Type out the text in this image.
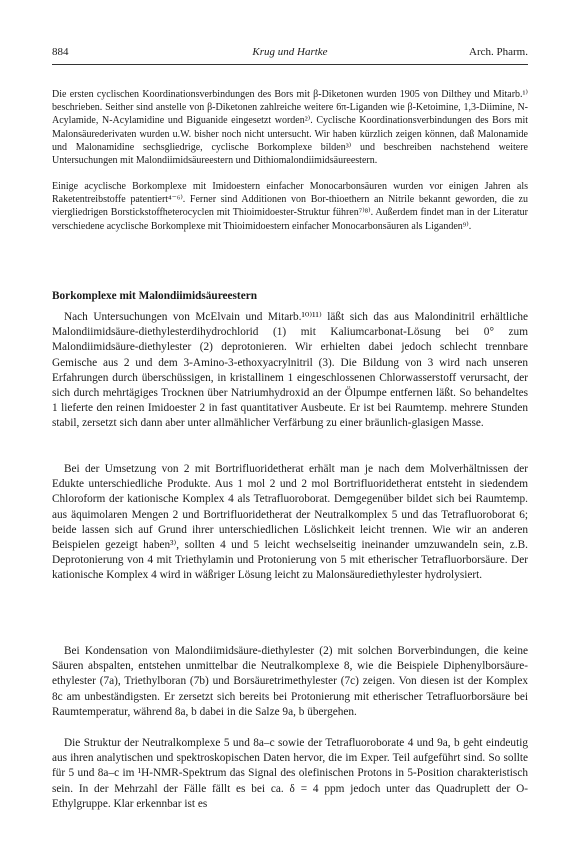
884	Krug und Hartke	Arch. Pharm.

Die ersten cyclischen Koordinationsverbindungen des Bors mit β-Diketonen wurden 1905 von Dilthey und Mitarb.¹⁾ beschrieben. Seither sind anstelle von β-Diketonen zahlreiche weitere 6π-Liganden wie β-Ketoimine, 1,3-Diimine, N-Acylamide, N-Acylamidine und Biguanide eingesetzt worden²⁾. Cyclische Koordinationsverbindungen des Bors mit Malonsäurederivaten wurden u.W. bisher noch nicht untersucht. Wir haben kürzlich zeigen können, daß Malonamide und Malonamidine sechsgliedrige, cyclische Borkomplexe bilden³⁾ und beschreiben nachstehend weitere Untersuchungen mit Malondiimidsäureestern und Dithiomalondiimidsäureestern.

Einige acyclische Borkomplexe mit Imidoestern einfacher Monocarbonsäuren wurden vor einigen Jahren als Raketentreibstoffe patentiert⁴⁻⁶⁾. Ferner sind Additionen von Bor-thioethern an Nitrile bekannt geworden, die zu viergliedrigen Borstickstoffheterocyclen mit Thioimidoester-Struktur führen⁷⁾⁸⁾. Außerdem findet man in der Literatur verschiedene acyclische Borkomplexe mit Thioimidoestern einfacher Monocarbonsäuren als Liganden⁹⁾.

Borkomplexe mit Malondiimidsäureestern

Nach Untersuchungen von McElvain und Mitarb.¹⁰⁾¹¹⁾ läßt sich das aus Malondinitril erhältliche Malondiimidsäure-diethylesterdihydrochlorid (1) mit Kaliumcarbonat-Lösung bei 0° zum Malondiimidsäure-diethylester (2) deprotonieren. Wir erhielten dabei jedoch schlecht trennbare Gemische aus 2 und dem 3-Amino-3-ethoxyacrylnitril (3). Die Bildung von 3 wird nach unseren Erfahrungen durch überschüssigen, in kristallinem 1 eingeschlossenen Chlorwasserstoff verursacht, der sich durch mehrtägiges Trocknen über Natriumhydroxid an der Ölpumpe entfernen läßt. So behandeltes 1 lieferte den reinen Imidoester 2 in fast quantitativer Ausbeute. Er ist bei Raumtemp. mehrere Stunden stabil, zersetzt sich dann aber unter allmählicher Verfärbung zu einer bräunlich-glasigen Masse.

Bei der Umsetzung von 2 mit Bortrifluoridetherat erhält man je nach dem Molverhältnissen der Edukte unterschiedliche Produkte. Aus 1 mol 2 und 2 mol Bortrifluoridetherat entsteht in siedendem Chloroform der kationische Komplex 4 als Tetrafluoroborat. Demgegenüber bildet sich bei Raumtemp. aus äquimolaren Mengen 2 und Bortrifluoridetherat der Neutralkomplex 5 und das Tetrafluoroborat 6; beide lassen sich auf Grund ihrer unterschiedlichen Löslichkeit leicht trennen. Wie wir an anderen Beispielen gezeigt haben³⁾, sollten 4 und 5 leicht wechselseitig ineinander umzuwandeln sein, z.B. Deprotonierung von 4 mit Triethylamin und Protonierung von 5 mit etherischer Tetrafluorborsäure. Der kationische Komplex 4 wird in wäßriger Lösung leicht zu Malonsäurediethylester hydrolysiert.

Bei Kondensation von Malondiimidsäure-diethylester (2) mit solchen Borverbindungen, die keine Säuren abspalten, entstehen unmittelbar die Neutralkomplexe 8, wie die Beispiele Diphenylborsäure-ethylester (7a), Triethylboran (7b) und Borsäuretrimethylester (7c) zeigen. Von diesen ist der Komplex 8c am unbeständigsten. Er zersetzt sich bereits bei Protonierung mit etherischer Tetrafluorborsäure bei Raumtemperatur, während 8a, b dabei in die Salze 9a, b übergehen.

Die Struktur der Neutralkomplexe 5 und 8a–c sowie der Tetrafluoroborate 4 und 9a, b geht eindeutig aus ihren analytischen und spektroskopischen Daten hervor, die im Exper. Teil aufgeführt sind. So sollte für 5 und 8a–c im ¹H-NMR-Spektrum das Signal des olefinischen Protons in 5-Position charakteristisch sein. In der Mehrzahl der Fälle fällt es bei ca. δ = 4 ppm jedoch unter das Quadruplett der O-Ethylgruppe. Klar erkennbar ist es
